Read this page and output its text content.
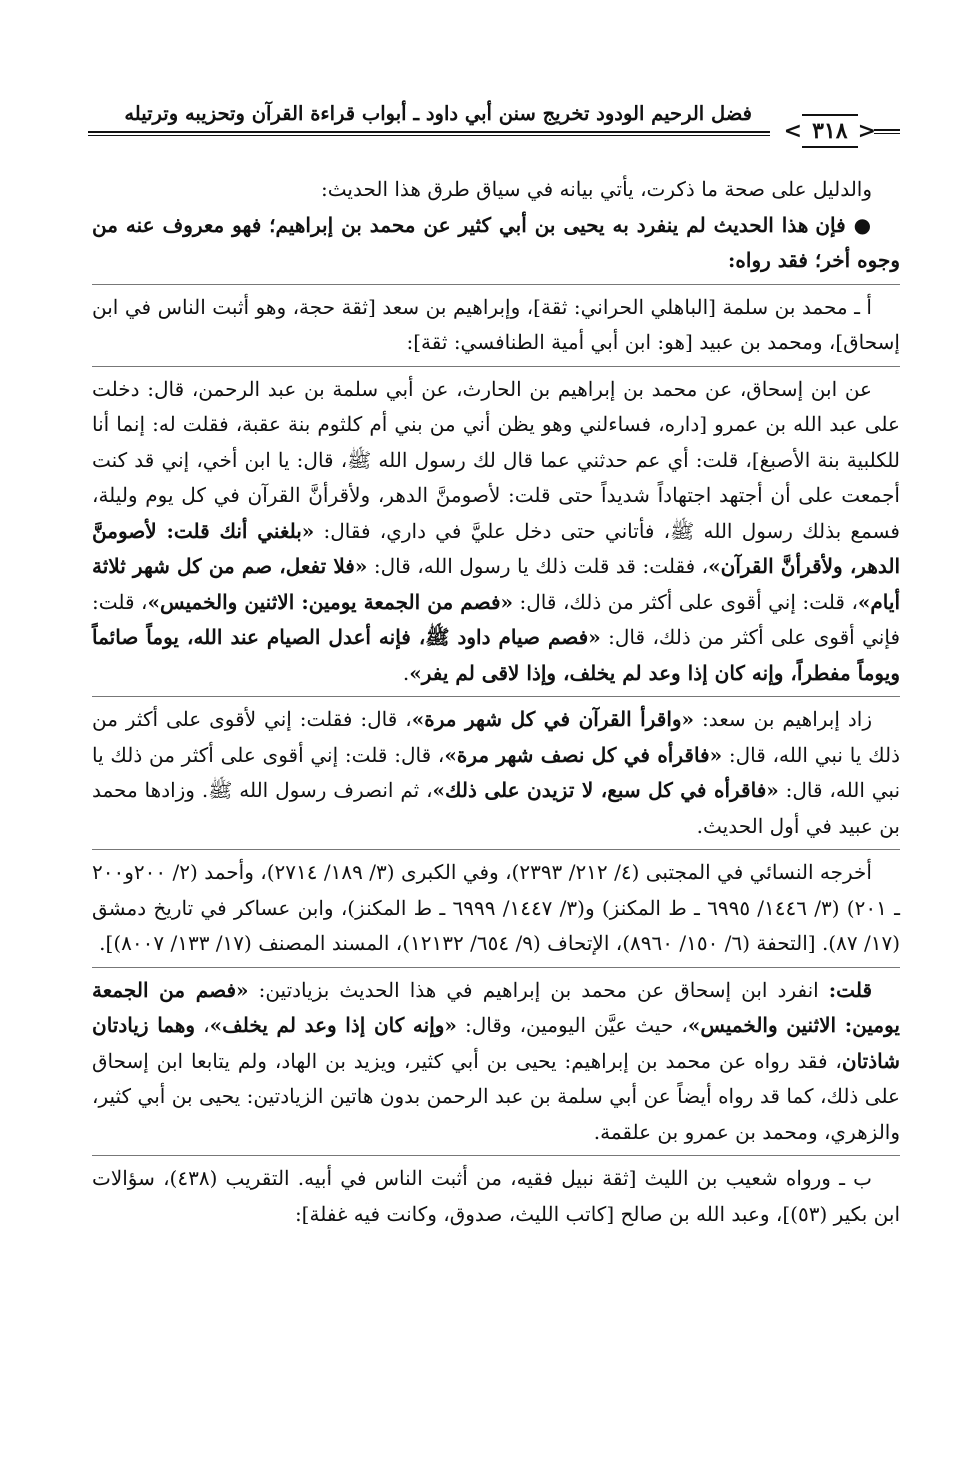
فضل الرحيم الودود تخريج سنن أبي داود ـ أبواب قراءة القرآن وتحزيبه وترتيله
< ٣١٨ >

والدليل على صحة ما ذكرت، يأتي بيانه في سياق طرق هذا الحديث:

● فإن هذا الحديث لم ينفرد به يحيى بن أبي كثير عن محمد بن إبراهيم؛ فهو معروف عنه من وجوه أخر؛ فقد رواه:

أ ـ محمد بن سلمة [الباهلي الحراني: ثقة]، وإبراهيم بن سعد [ثقة حجة، وهو أثبت الناس في ابن إسحاق]، ومحمد بن عبيد [هو: ابن أبي أمية الطنافسي: ثقة]:

عن ابن إسحاق، عن محمد بن إبراهيم بن الحارث، عن أبي سلمة بن عبد الرحمن، قال: دخلت على عبد الله بن عمرو [داره، فساءلني وهو يظن أني من بني أم كلثوم بنة عقبة، فقلت له: إنما أنا للكلبية بنة الأصبغ]، قلت: أي عم حدثني عما قال لك رسول الله ﷺ، قال: يا ابن أخي، إني قد كنت أجمعت على أن أجتهد اجتهاداً شديداً حتى قلت: لأصومنَّ الدهر، ولأقرأنَّ القرآن في كل يوم وليلة، فسمع بذلك رسول الله ﷺ، فأتاني حتى دخل عليَّ في داري، فقال: «بلغني أنك قلت: لأصومنَّ الدهر، ولأقرأنَّ القرآن»، فقلت: قد قلت ذلك يا رسول الله، قال: «فلا تفعل، صم من كل شهر ثلاثة أيام»، قلت: إني أقوى على أكثر من ذلك، قال: «فصم من الجمعة يومين: الاثنين والخميس»، قلت: فإني أقوى على أكثر من ذلك، قال: «فصم صيام داود ﷺ، فإنه أعدل الصيام عند الله، يوماً صائماً ويوماً مفطراً، وإنه كان إذا وعد لم يخلف، وإذا لاقى لم يفر».

زاد إبراهيم بن سعد: «واقرأ القرآن في كل شهر مرة»، قال: فقلت: إني لأقوى على أكثر من ذلك يا نبي الله، قال: «فاقرأه في كل نصف شهر مرة»، قال: قلت: إني أقوى على أكثر من ذلك يا نبي الله، قال: «فاقرأه في كل سبع، لا تزيدن على ذلك»، ثم انصرف رسول الله ﷺ. وزادها محمد بن عبيد في أول الحديث.

أخرجه النسائي في المجتبى (٤/ ٢١٢/ ٢٣٩٣)، وفي الكبرى (٣/ ١٨٩/ ٢٧١٤)، وأحمد (٢/ ٢٠٠و٢٠٠ ـ ٢٠١) (٣/ ١٤٤٦/ ٦٩٩٥ ـ ط المكنز) و(٣/ ١٤٤٧/ ٦٩٩٩ ـ ط المكنز)، وابن عساكر في تاريخ دمشق (١٧/ ٨٧). [التحفة (٦/ ١٥٠/ ٨٩٦٠)، الإتحاف (٩/ ٦٥٤/ ١٢١٣٢)، المسند المصنف (١٧/ ١٣٣/ ٨٠٠٧)].

قلت: انفرد ابن إسحاق عن محمد بن إبراهيم في هذا الحديث بزيادتين: «فصم من الجمعة يومين: الاثنين والخميس»، حيث عيَّن اليومين، وقال: «وإنه كان إذا وعد لم يخلف»، وهما زيادتان شاذتان، فقد رواه عن محمد بن إبراهيم: يحيى بن أبي كثير، ويزيد بن الهاد، ولم يتابعا ابن إسحاق على ذلك، كما قد رواه أيضاً عن أبي سلمة بن عبد الرحمن بدون هاتين الزيادتين: يحيى بن أبي كثير، والزهري، ومحمد بن عمرو بن علقمة.

ب ـ ورواه شعيب بن الليث [ثقة نبيل فقيه، من أثبت الناس في أبيه. التقريب (٤٣٨)، سؤالات ابن بكير (٥٣)]، وعبد الله بن صالح [كاتب الليث، صدوق، وكانت فيه غفلة]:
